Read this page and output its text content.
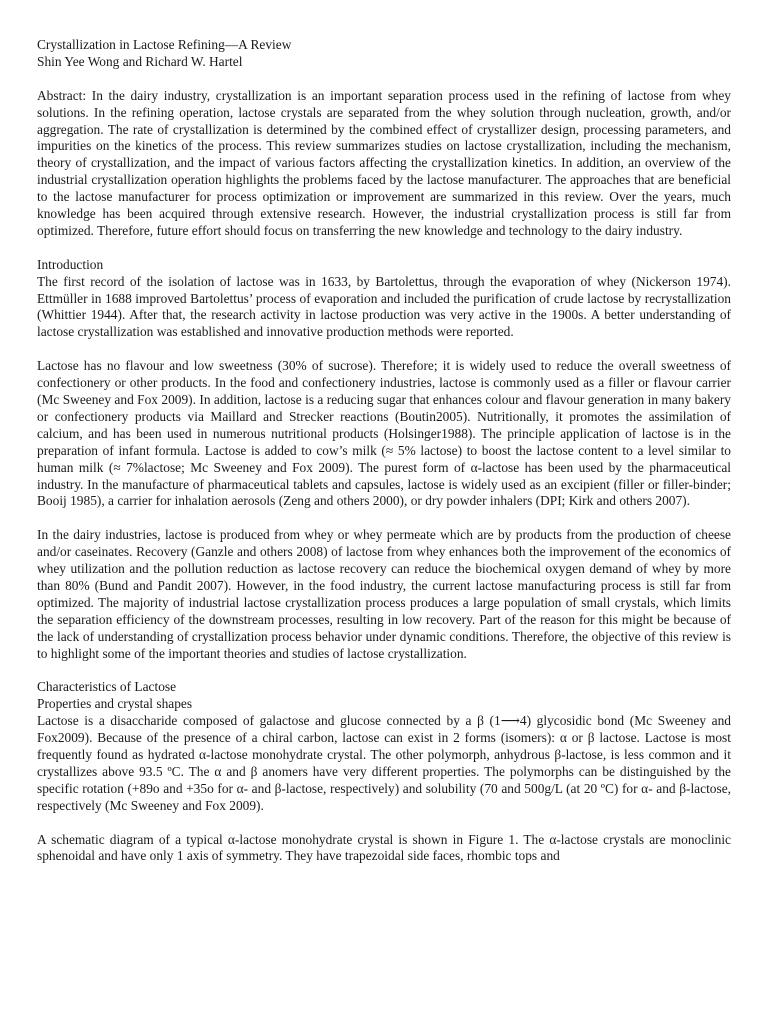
Crystallization in Lactose Refining—A Review

Shin Yee Wong and Richard W. Hartel

Abstract: In the dairy industry, crystallization is an important separation process used in the refining of lactose from whey solutions. In the refining operation, lactose crystals are separated from the whey solution through nucleation, growth, and/or aggregation. The rate of crystallization is determined by the combined effect of crystallizer design, processing parameters, and impurities on the kinetics of the process. This review summarizes studies on lactose crystallization, including the mechanism, theory of crystallization, and the impact of various factors affecting the crystallization kinetics. In addition, an overview of the industrial crystallization operation highlights the problems faced by the lactose manufacturer. The approaches that are beneficial to the lactose manufacturer for process optimization or improvement are summarized in this review. Over the years, much knowledge has been acquired through extensive research. However, the industrial crystallization process is still far from optimized. Therefore, future effort should focus on transferring the new knowledge and technology to the dairy industry.

Introduction

The first record of the isolation of lactose was in 1633, by Bartolettus, through the evaporation of whey (Nickerson 1974). Ettmüller in 1688 improved Bartolettus’ process of evaporation and included the purification of crude lactose by recrystallization (Whittier 1944). After that, the research activity in lactose production was very active in the 1900s. A better understanding of lactose crystallization was established and innovative production methods were reported.

Lactose has no flavour and low sweetness (30% of sucrose). Therefore; it is widely used to reduce the overall sweetness of confectionery or other products. In the food and confectionery industries, lactose is commonly used as a filler or flavour carrier (Mc Sweeney and Fox 2009). In addition, lactose is a reducing sugar that enhances colour and flavour generation in many bakery or confectionery products via Maillard and Strecker reactions (Boutin2005). Nutritionally, it promotes the assimilation of calcium, and has been used in numerous nutritional products (Holsinger1988). The principle application of lactose is in the preparation of infant formula. Lactose is added to cow’s milk (≈ 5% lactose) to boost the lactose content to a level similar to human milk (≈ 7%lactose; Mc Sweeney and Fox 2009). The purest form of α-lactose has been used by the pharmaceutical industry. In the manufacture of pharmaceutical tablets and capsules, lactose is widely used as an excipient (filler or filler-binder; Booij 1985), a carrier for inhalation aerosols (Zeng and others 2000), or dry powder inhalers (DPI; Kirk and others 2007).

In the dairy industries, lactose is produced from whey or whey permeate which are by products from the production of cheese and/or caseinates. Recovery (Ganzle and others 2008) of lactose from whey enhances both the improvement of the economics of whey utilization and the pollution reduction as lactose recovery can reduce the biochemical oxygen demand of whey by more than 80% (Bund and Pandit 2007). However, in the food industry, the current lactose manufacturing process is still far from optimized. The majority of industrial lactose crystallization process produces a large population of small crystals, which limits the separation efficiency of the downstream processes, resulting in low recovery. Part of the reason for this might be because of the lack of understanding of crystallization process behavior under dynamic conditions. Therefore, the objective of this review is to highlight some of the important theories and studies of lactose crystallization.

Characteristics of Lactose

Properties and crystal shapes

Lactose is a disaccharide composed of galactose and glucose connected by a β (1⟶4) glycosidic bond (Mc Sweeney and Fox2009). Because of the presence of a chiral carbon, lactose can exist in 2 forms (isomers): α or β lactose. Lactose is most frequently found as hydrated α-lactose monohydrate crystal. The other polymorph, anhydrous β-lactose, is less common and it crystallizes above 93.5 ºC. The α and β anomers have very different properties. The polymorphs can be distinguished by the specific rotation (+89o and +35o for α- and β-lactose, respectively) and solubility (70 and 500g/L (at 20 ºC) for α- and β-lactose, respectively (Mc Sweeney and Fox 2009).

A schematic diagram of a typical α-lactose monohydrate crystal is shown in Figure 1. The α-lactose crystals are monoclinic sphenoidal and have only 1 axis of symmetry. They have trapezoidal side faces, rhombic tops and
